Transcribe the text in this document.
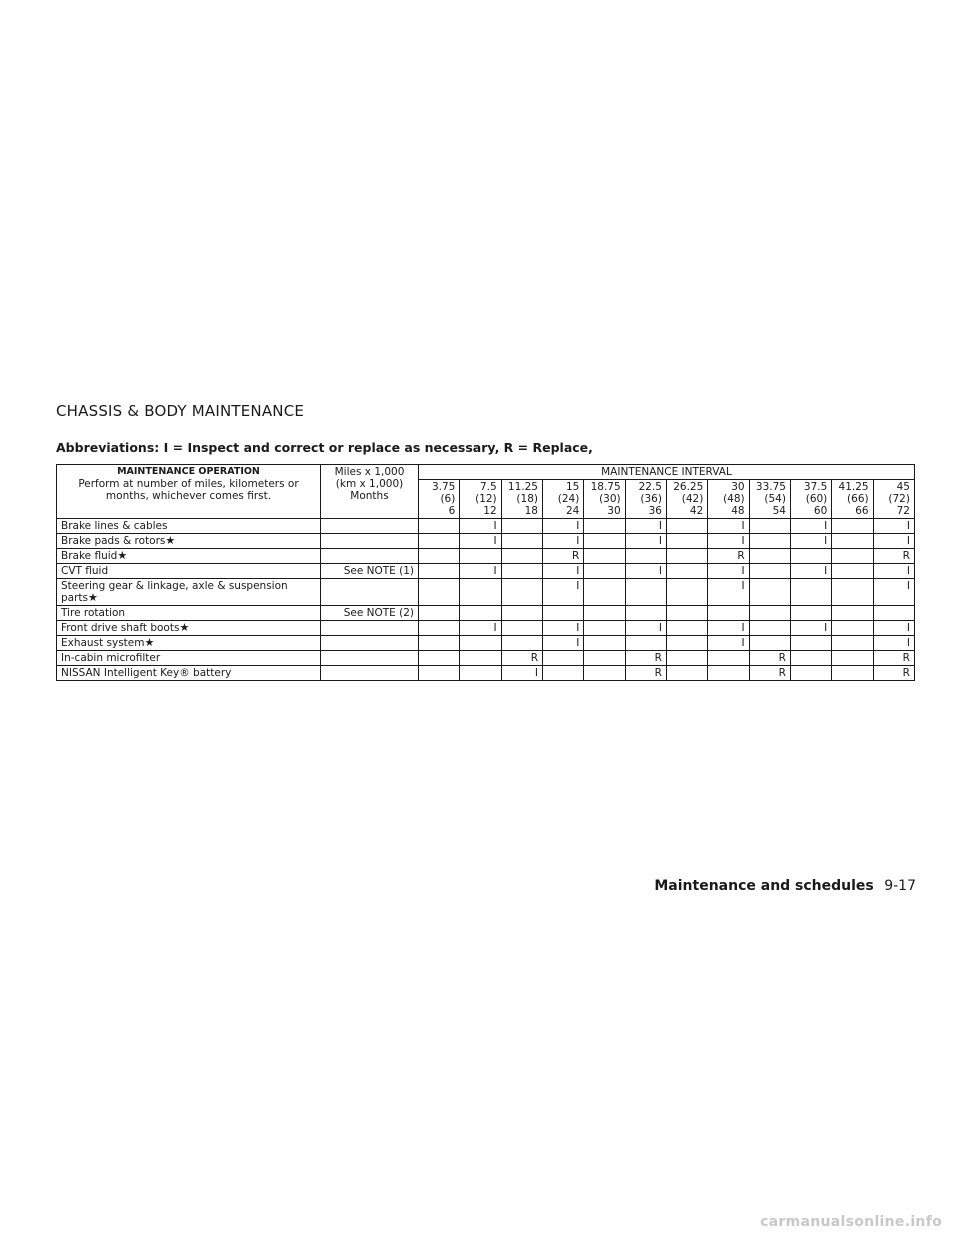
CHASSIS & BODY MAINTENANCE

Abbreviations: I = Inspect and correct or replace as necessary, R = Replace,

MAINTENANCE OPERATION
Perform at number of miles, kilometers or months, whichever comes first.	Miles x 1,000
(km x 1,000)
Months	MAINTENANCE INTERVAL											

		3.75
(6)
6	7.5
(12)
12	11.25
(18)
18	15
(24)
24	18.75
(30)
30	22.5
(36)
36	26.25
(42)
42	30
(48)
48	33.75
(54)
54	37.5
(60)
60	41.25
(66)
66	45
(72)
72

Brake lines & cables			I		I		I		I		I		I
Brake pads & rotors★			I		I		I		I		I		I
Brake fluid★					R				R				R
CVT fluid	See NOTE (1)		I		I		I		I		I		I
Steering gear & linkage, axle & suspension parts★					I				I				I
Tire rotation	See NOTE (2)												
Front drive shaft boots★			I		I		I		I		I		I
Exhaust system★					I				I				I
In-cabin microfilter				R			R			R			R
NISSAN Intelligent Key® battery				I			R			R			R
Maintenance and schedules 9-17
carmanualsonline.info
